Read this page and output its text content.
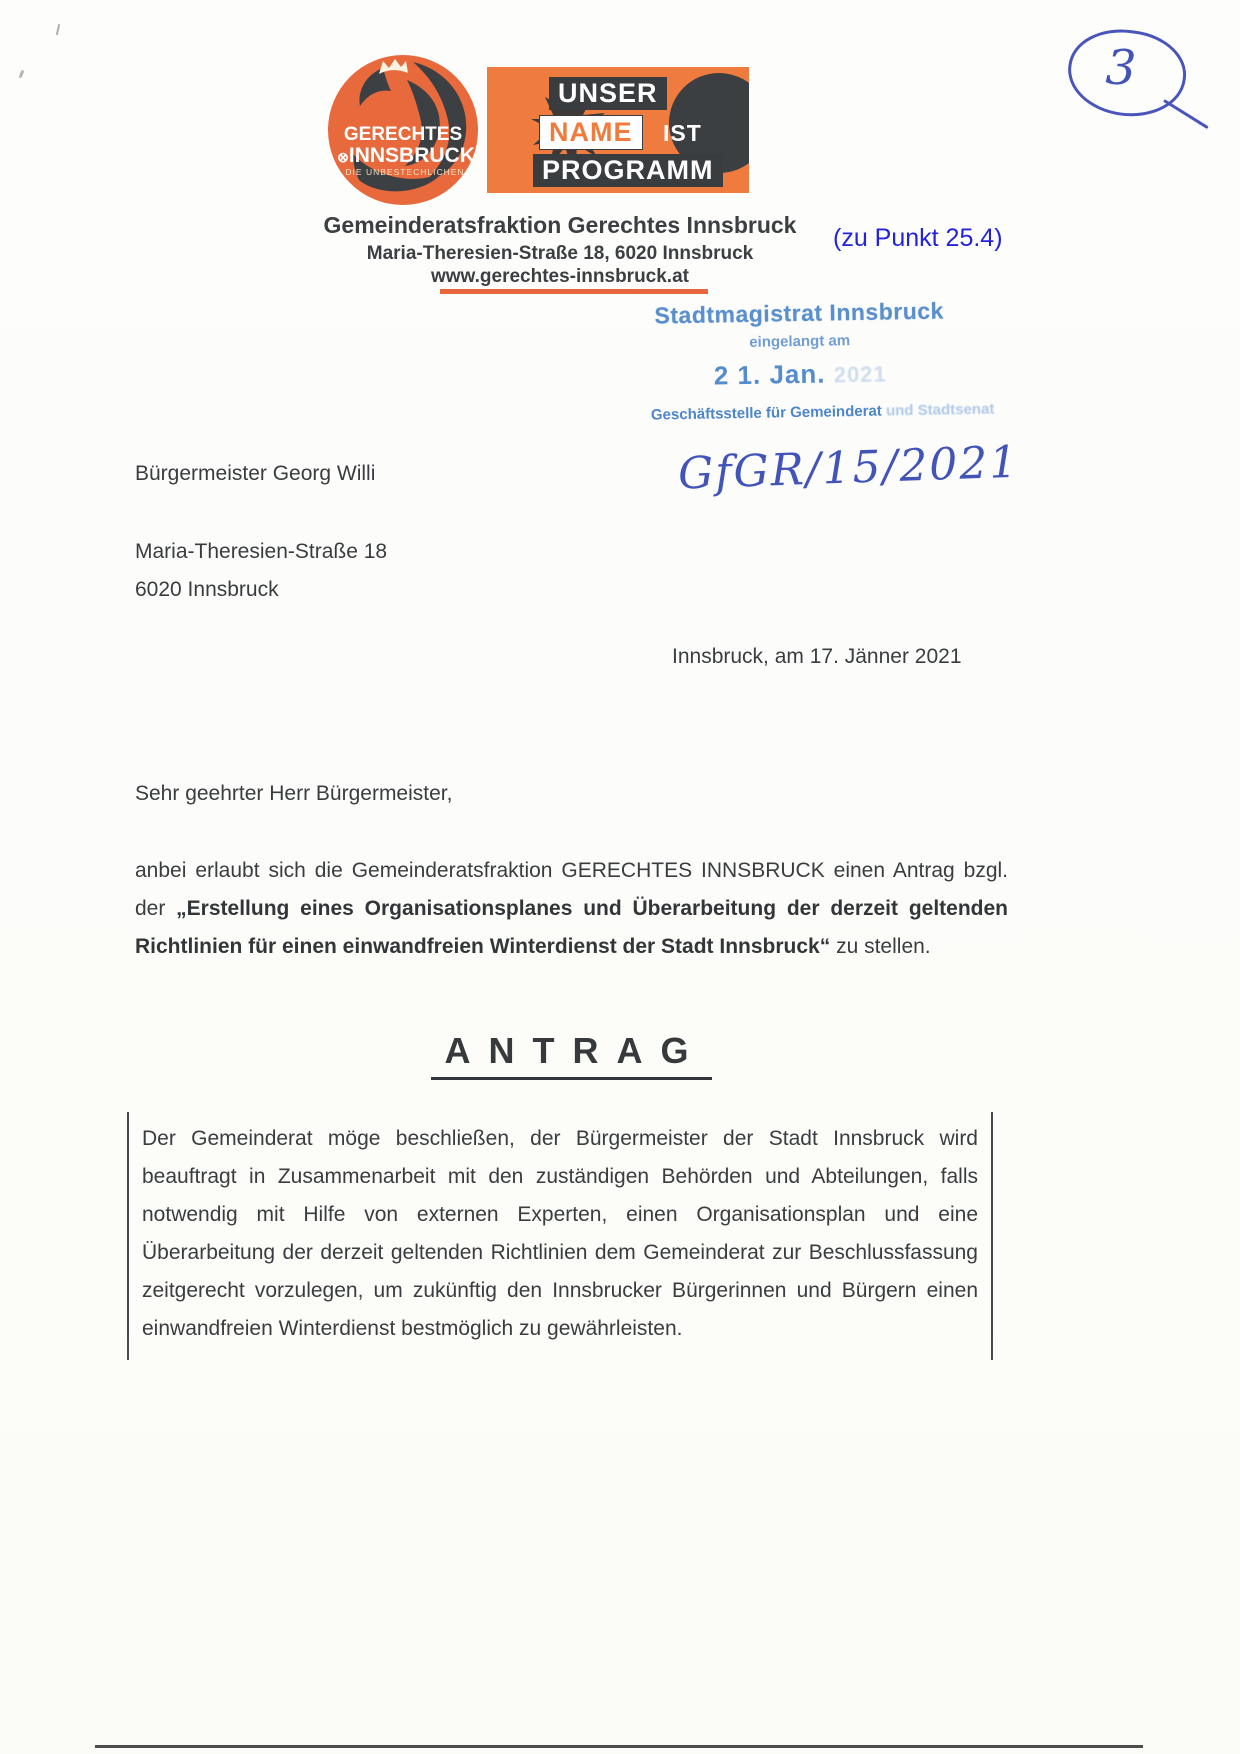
3
GERECHTES
⊗INNSBRUCK
DIE UNBESTECHLICHEN
UNSER
NAME	IST
PROGRAMM
Gemeinderatsfraktion Gerechtes Innsbruck
Maria-Theresien-Straße 18, 6020 Innsbruck
www.gerechtes-innsbruck.at
(zu Punkt 25.4)
Stadtmagistrat Innsbruck
eingelangt am
2 1. Jan. 2021
Geschäftsstelle für Gemeinderat und Stadtsenat
GfGR/15/2021
Bürgermeister Georg Willi
Maria-Theresien-Straße 18
6020 Innsbruck
Innsbruck, am 17. Jänner 2021
Sehr geehrter Herr Bürgermeister,
anbei erlaubt sich die Gemeinderatsfraktion GERECHTES INNSBRUCK einen Antrag bzgl. der „Erstellung eines Organisationsplanes und Überarbeitung der derzeit geltenden Richtlinien für einen einwandfreien Winterdienst der Stadt Innsbruck“ zu stellen.
ANTRAG
Der Gemeinderat möge beschließen, der Bürgermeister der Stadt Innsbruck wird beauftragt in Zusammenarbeit mit den zuständigen Behörden und Abteilungen, falls notwendig mit Hilfe von externen Experten, einen Organisationsplan und eine Überarbeitung der derzeit geltenden Richtlinien dem Gemeinderat zur Beschlussfassung zeitgerecht vorzulegen, um zukünftig den Innsbrucker Bürgerinnen und Bürgern einen einwandfreien Winterdienst bestmöglich zu gewährleisten.
